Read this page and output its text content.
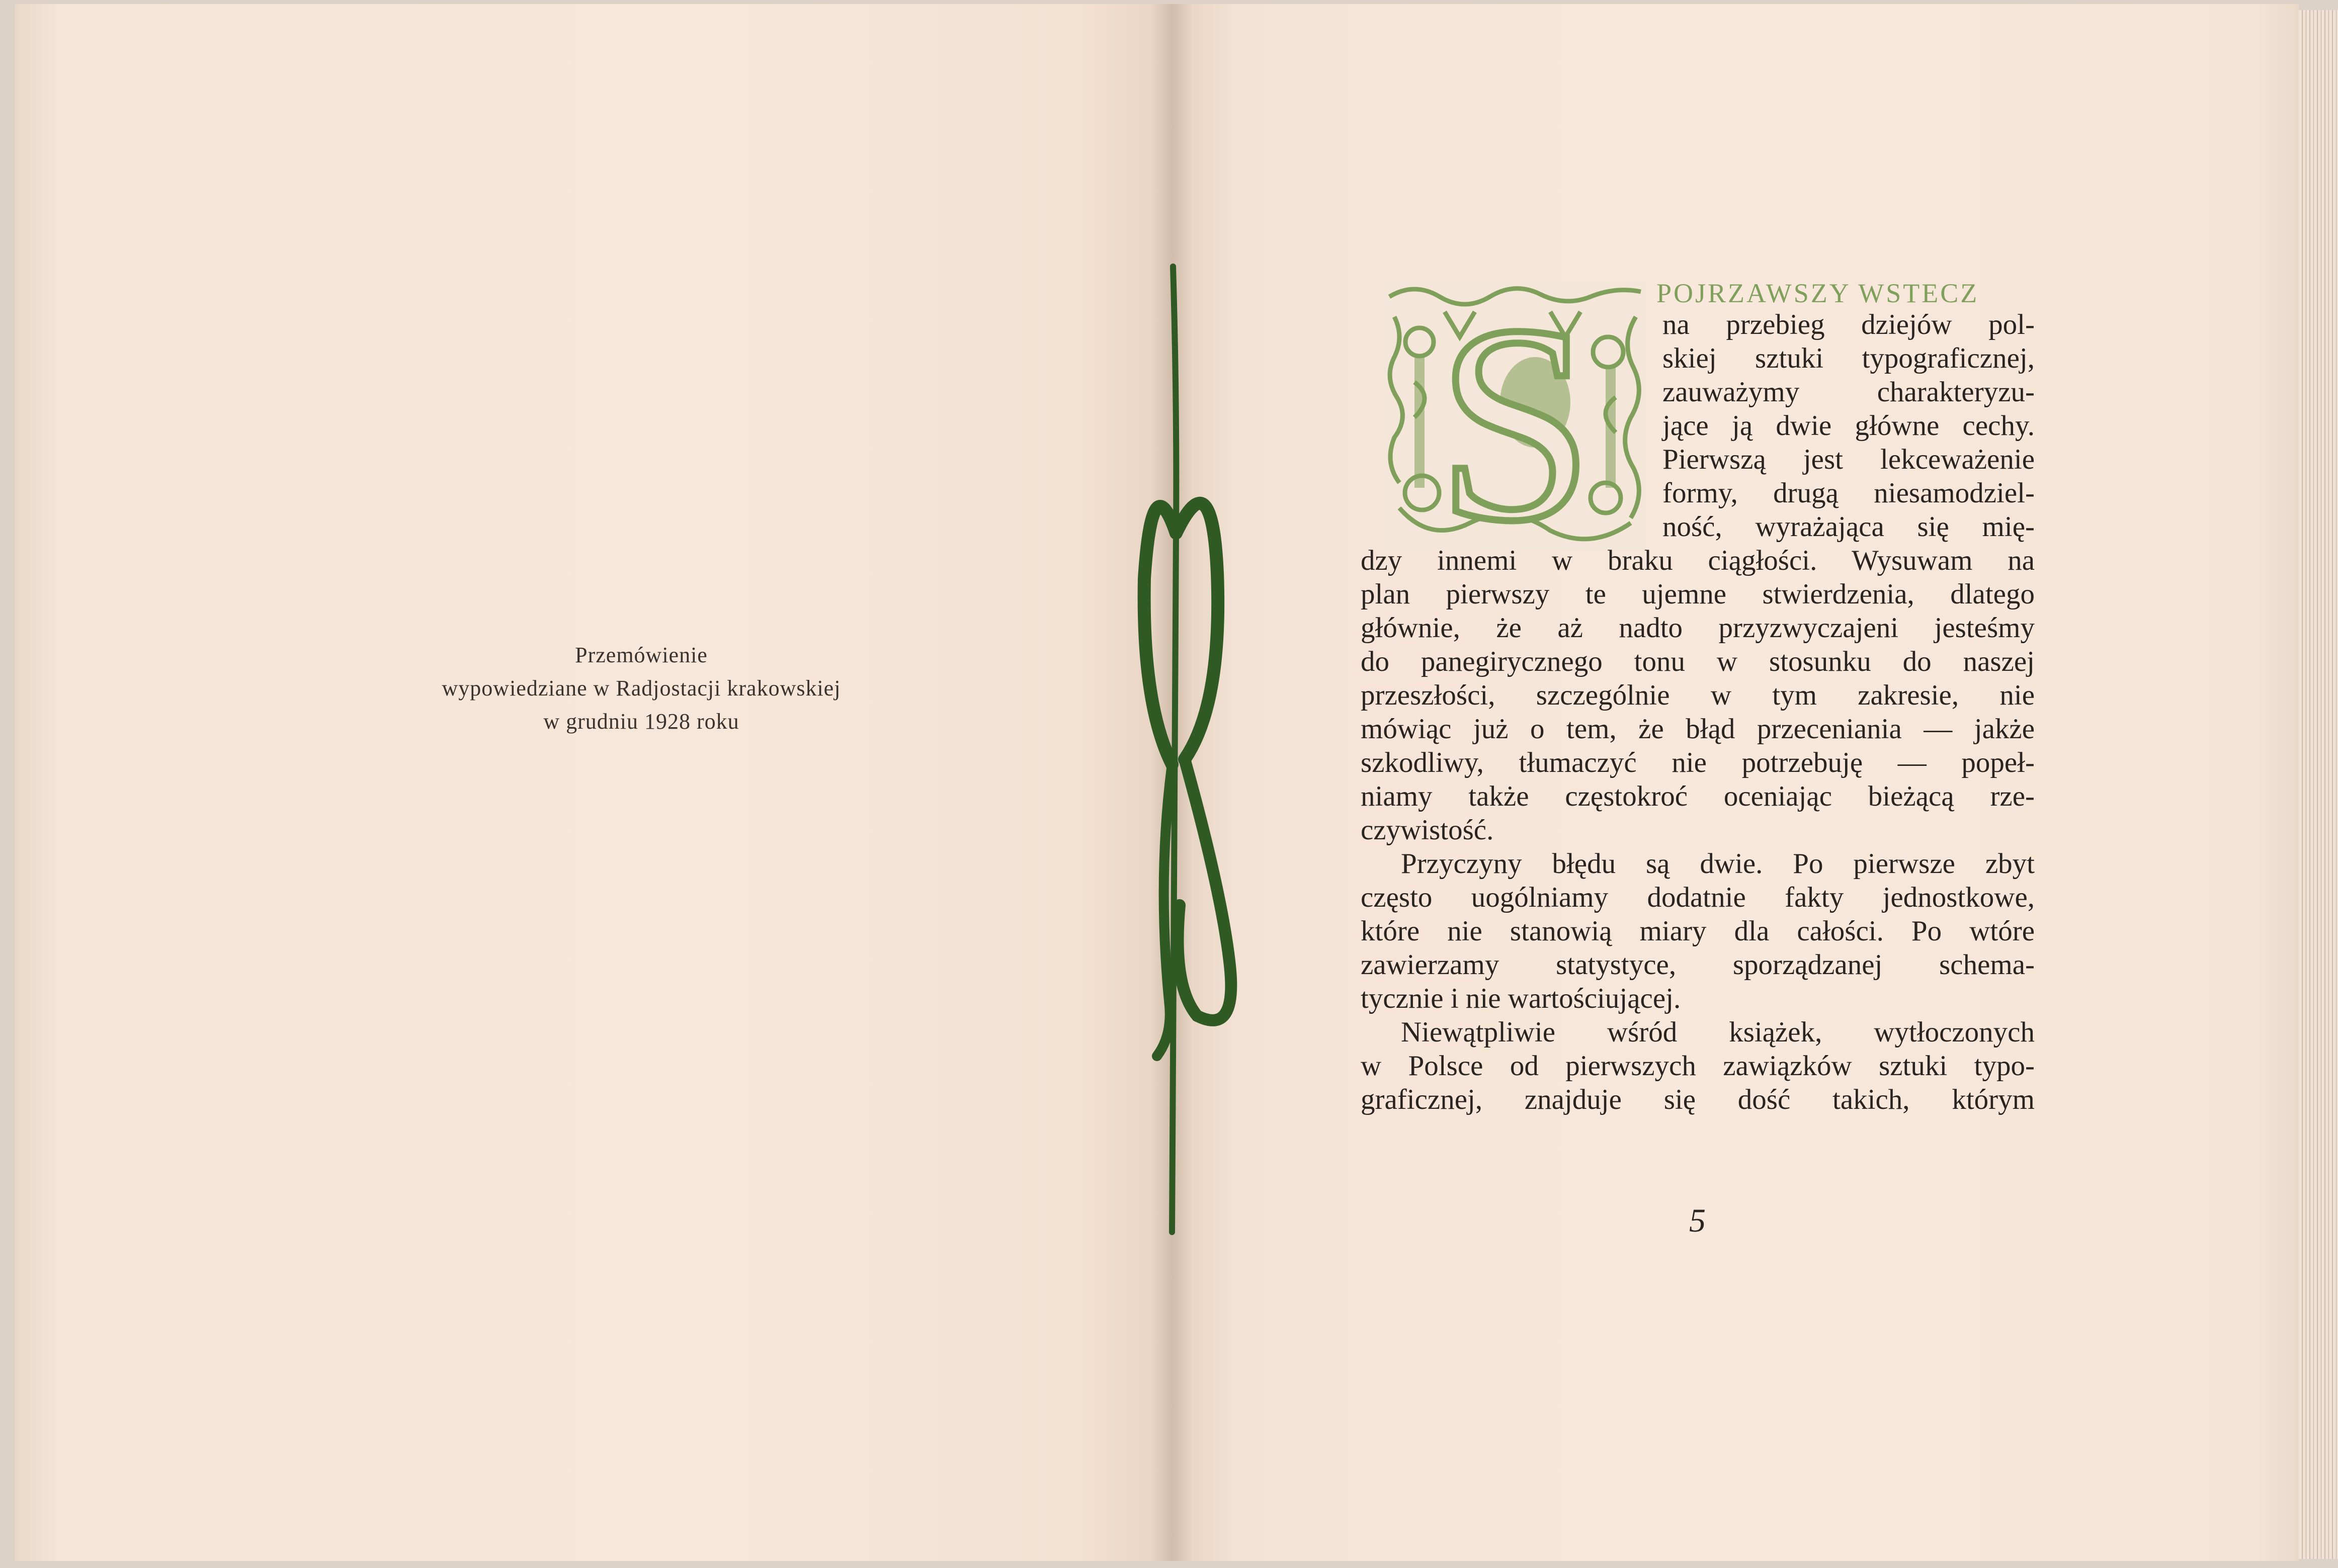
Przemówienie
wypowiedziane w Radjostacji krakowskiej
w grudniu 1928 roku
S POJRZAWSZY WSTECZ
na przebieg dziejów pol-
skiej sztuki typograficznej,
zauważymy charakteryzu-
jące ją dwie główne cechy.
Pierwszą jest lekceważenie
formy, drugą niesamodziel-
ność, wyrażająca się mię-
dzy innemi w braku ciągłości. Wysuwam na
plan pierwszy te ujemne stwierdzenia, dlatego
głównie, że aż nadto przyzwyczajeni jesteśmy
do panegirycznego tonu w stosunku do naszej
przeszłości, szczególnie w tym zakresie, nie
mówiąc już o tem, że błąd przeceniania — jakże
szkodliwy, tłumaczyć nie potrzebuję — popeł-
niamy także częstokroć oceniając bieżącą rze-
czywistość.
Przyczyny błędu są dwie. Po pierwsze zbyt
często uogólniamy dodatnie fakty jednostkowe,
które nie stanowią miary dla całości. Po wtóre
zawierzamy statystyce, sporządzanej schema-
tycznie i nie wartościującej.
Niewątpliwie wśród książek, wytłoczonych
w Polsce od pierwszych zawiązków sztuki typo-
graficznej, znajduje się dość takich, którym
5
